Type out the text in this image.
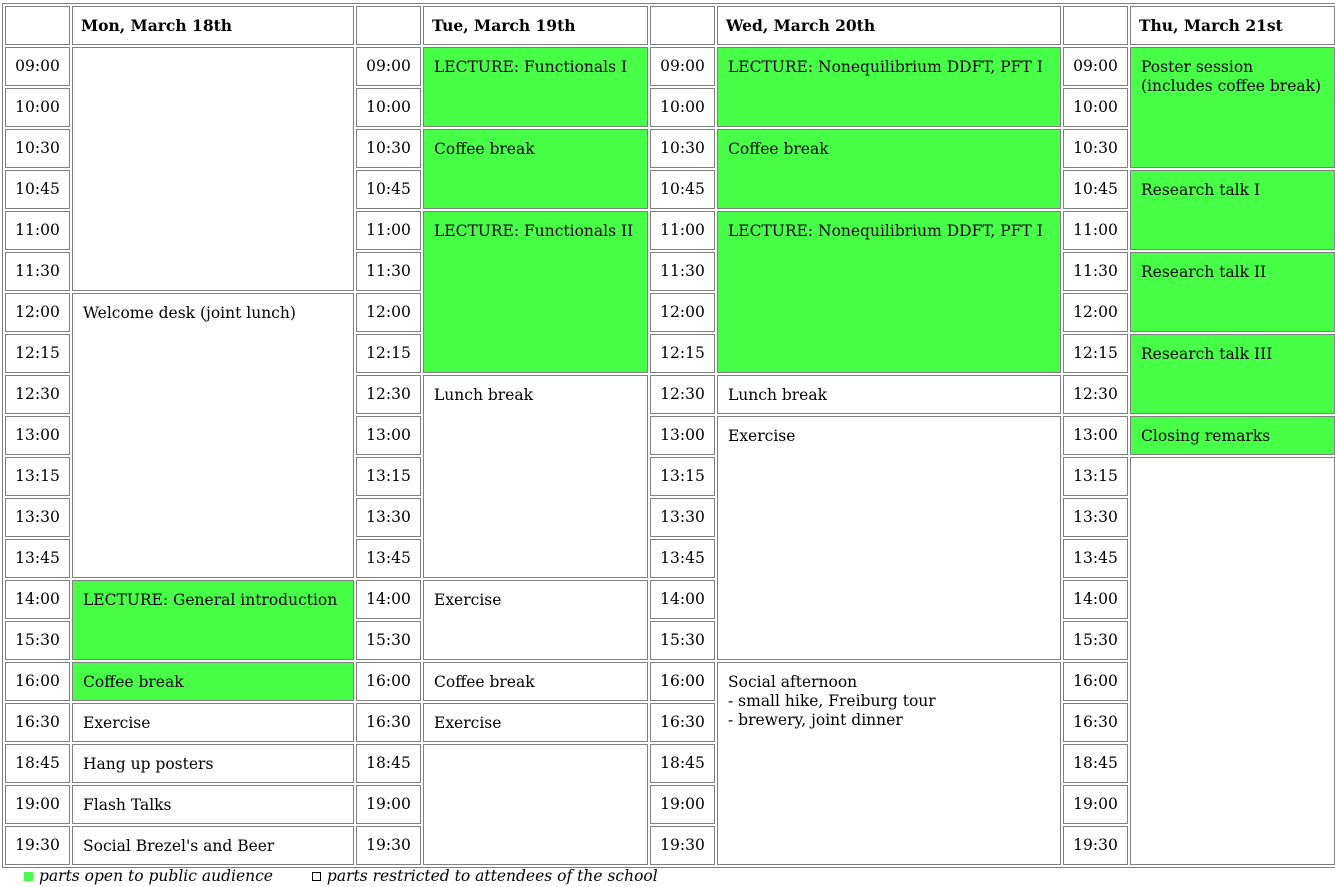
	Mon, March 18th		Tue, March 19th		Wed, March 20th		Thu, March 21st
09:00		09:00	LECTURE: Functionals I	09:00	LECTURE: Nonequilibrium DDFT, PFT I	09:00	Poster session
(includes coffee break)
10:00		10:00		10:00		10:00	
10:30		10:30	Coffee break	10:30	Coffee break	10:30	
10:45		10:45		10:45		10:45	Research talk I
11:00		11:00	LECTURE: Functionals II	11:00	LECTURE: Nonequilibrium DDFT, PFT I	11:00	
11:30		11:30		11:30		11:30	Research talk II
12:00	Welcome desk (joint lunch)	12:00		12:00		12:00	
12:15		12:15		12:15		12:15	Research talk III
12:30		12:30	Lunch break	12:30	Lunch break	12:30	
13:00		13:00		13:00	Exercise	13:00	Closing remarks
13:15		13:15		13:15		13:15	
13:30		13:30		13:30		13:30	
13:45		13:45		13:45		13:45	
14:00	LECTURE: General introduction	14:00	Exercise	14:00		14:00	
15:30		15:30		15:30		15:30	
16:00	Coffee break	16:00	Coffee break	16:00	Social afternoon
- small hike, Freiburg tour
- brewery, joint dinner	16:00	
16:30	Exercise	16:30	Exercise	16:30		16:30	
18:45	Hang up posters	18:45		18:45		18:45	
19:00	Flash Talks	19:00		19:00		19:00	
19:30	Social Brezel's and Beer	19:30		19:30		19:30	
parts open to public audience	parts restricted to attendees of the school
